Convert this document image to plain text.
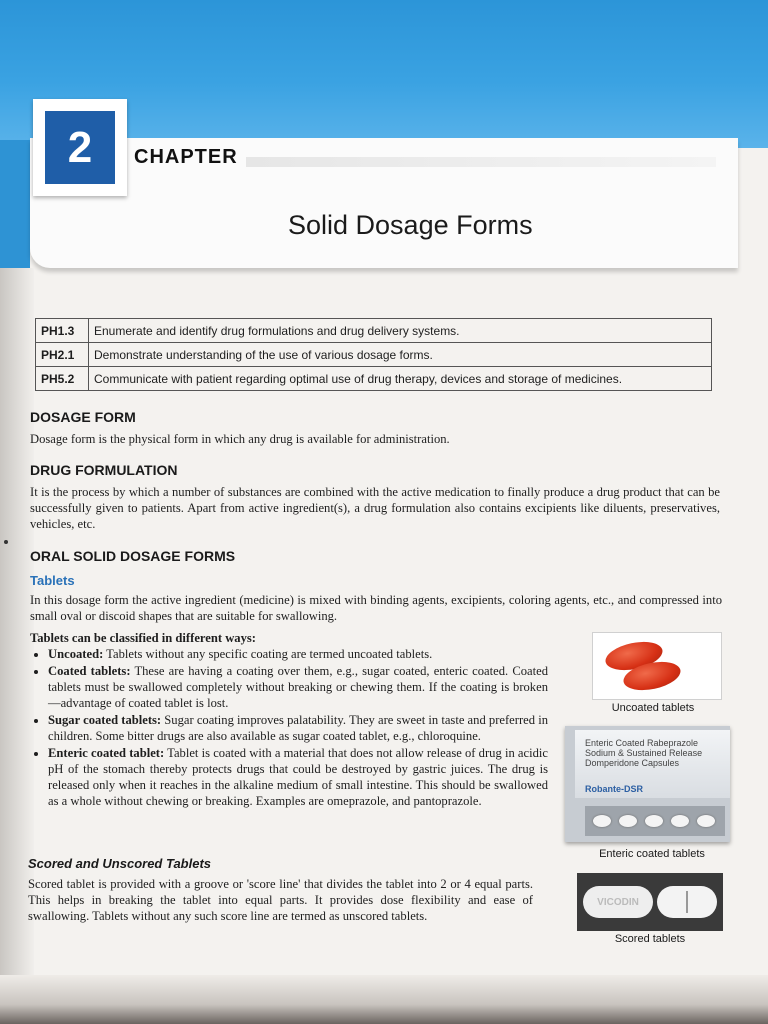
2	CHAPTER
Solid Dosage Forms
PH1.3	Enumerate and identify drug formulations and drug delivery systems.
PH2.1	Demonstrate understanding of the use of various dosage forms.
PH5.2	Communicate with patient regarding optimal use of drug therapy, devices and storage of medicines.
DOSAGE FORM
Dosage form is the physical form in which any drug is available for administration.
DRUG FORMULATION
It is the process by which a number of substances are combined with the active medication to finally produce a drug product that can be successfully given to patients. Apart from active ingredient(s), a drug formulation also contains excipients like diluents, preservatives, vehicles, etc.
ORAL SOLID DOSAGE FORMS
Tablets
In this dosage form the active ingredient (medicine) is mixed with binding agents, excipients, coloring agents, etc., and compressed into small oval or discoid shapes that are suitable for swallowing.
Tablets can be classified in different ways:
• Uncoated: Tablets without any specific coating are termed uncoated tablets.
• Coated tablets: These are having a coating over them, e.g., sugar coated, enteric coated. Coated tablets must be swallowed completely without breaking or chewing them. If the coating is broken—advantage of coated tablet is lost.
• Sugar coated tablets: Sugar coating improves palatability. They are sweet in taste and preferred in children. Some bitter drugs are also available as sugar coated tablet, e.g., chloroquine.
• Enteric coated tablet: Tablet is coated with a material that does not allow release of drug in acidic pH of the stomach thereby protects drugs that could be destroyed by gastric juices. The drug is released only when it reaches in the alkaline medium of small intestine. This should be swallowed as a whole without chewing or breaking. Examples are omeprazole, and pantoprazole.
Scored and Unscored Tablets
Scored tablet is provided with a groove or 'score line' that divides the tablet into 2 or 4 equal parts. This helps in breaking the tablet into equal parts. It provides dose flexibility and ease of swallowing. Tablets without any such score line are termed as unscored tablets.
Uncoated tablets
Enteric Coated Rabeprazole Sodium & Sustained Release Domperidone Capsules
Robante-DSR
Enteric coated tablets
VICODIN
Scored tablets
